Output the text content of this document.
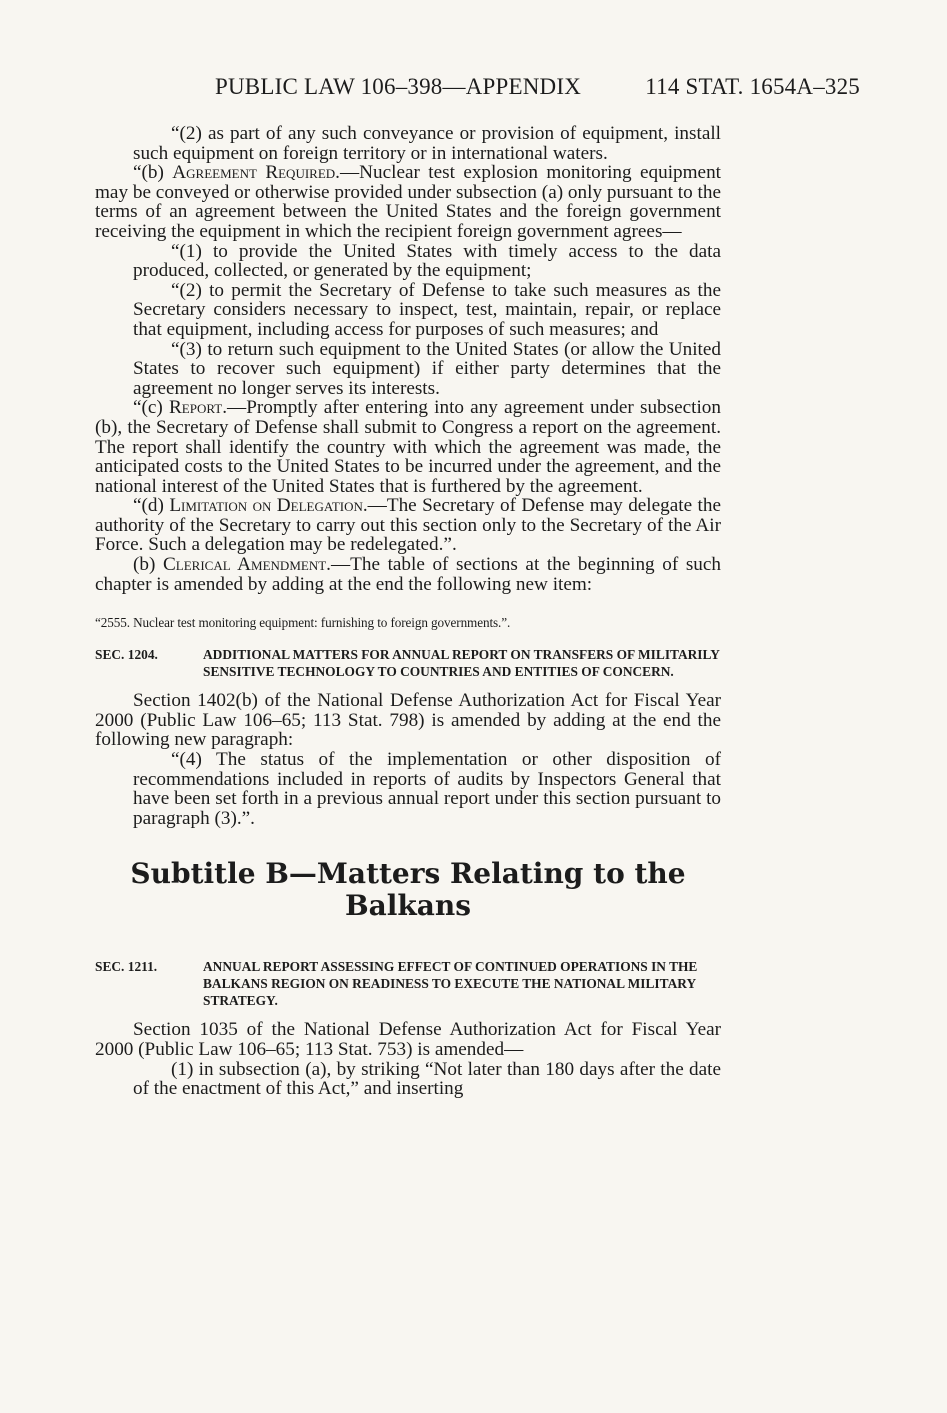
PUBLIC LAW 106–398—APPENDIX	114 STAT. 1654A–325

“(2) as part of any such conveyance or provision of equipment, install such equipment on foreign territory or in international waters.

“(b) Agreement Required.—Nuclear test explosion monitoring equipment may be conveyed or otherwise provided under subsection (a) only pursuant to the terms of an agreement between the United States and the foreign government receiving the equipment in which the recipient foreign government agrees—

“(1) to provide the United States with timely access to the data produced, collected, or generated by the equipment;

“(2) to permit the Secretary of Defense to take such measures as the Secretary considers necessary to inspect, test, maintain, repair, or replace that equipment, including access for purposes of such measures; and

“(3) to return such equipment to the United States (or allow the United States to recover such equipment) if either party determines that the agreement no longer serves its interests.

“(c) Report.—Promptly after entering into any agreement under subsection (b), the Secretary of Defense shall submit to Congress a report on the agreement. The report shall identify the country with which the agreement was made, the anticipated costs to the United States to be incurred under the agreement, and the national interest of the United States that is furthered by the agreement.

“(d) Limitation on Delegation.—The Secretary of Defense may delegate the authority of the Secretary to carry out this section only to the Secretary of the Air Force. Such a delegation may be redelegated.”.

(b) Clerical Amendment.—The table of sections at the beginning of such chapter is amended by adding at the end the following new item:

“2555. Nuclear test monitoring equipment: furnishing to foreign governments.”.
SEC. 1204.	ADDITIONAL MATTERS FOR ANNUAL REPORT ON TRANSFERS OF MILITARILY SENSITIVE TECHNOLOGY TO COUNTRIES AND ENTITIES OF CONCERN.

Section 1402(b) of the National Defense Authorization Act for Fiscal Year 2000 (Public Law 106–65; 113 Stat. 798) is amended by adding at the end the following new paragraph:

“(4) The status of the implementation or other disposition of recommendations included in reports of audits by Inspectors General that have been set forth in a previous annual report under this section pursuant to paragraph (3).”.

Subtitle B—Matters Relating to the
Balkans
SEC. 1211.	ANNUAL REPORT ASSESSING EFFECT OF CONTINUED OPERATIONS IN THE BALKANS REGION ON READINESS TO EXECUTE THE NATIONAL MILITARY STRATEGY.

Section 1035 of the National Defense Authorization Act for Fiscal Year 2000 (Public Law 106–65; 113 Stat. 753) is amended—

(1) in subsection (a), by striking “Not later than 180 days after the date of the enactment of this Act,” and inserting
